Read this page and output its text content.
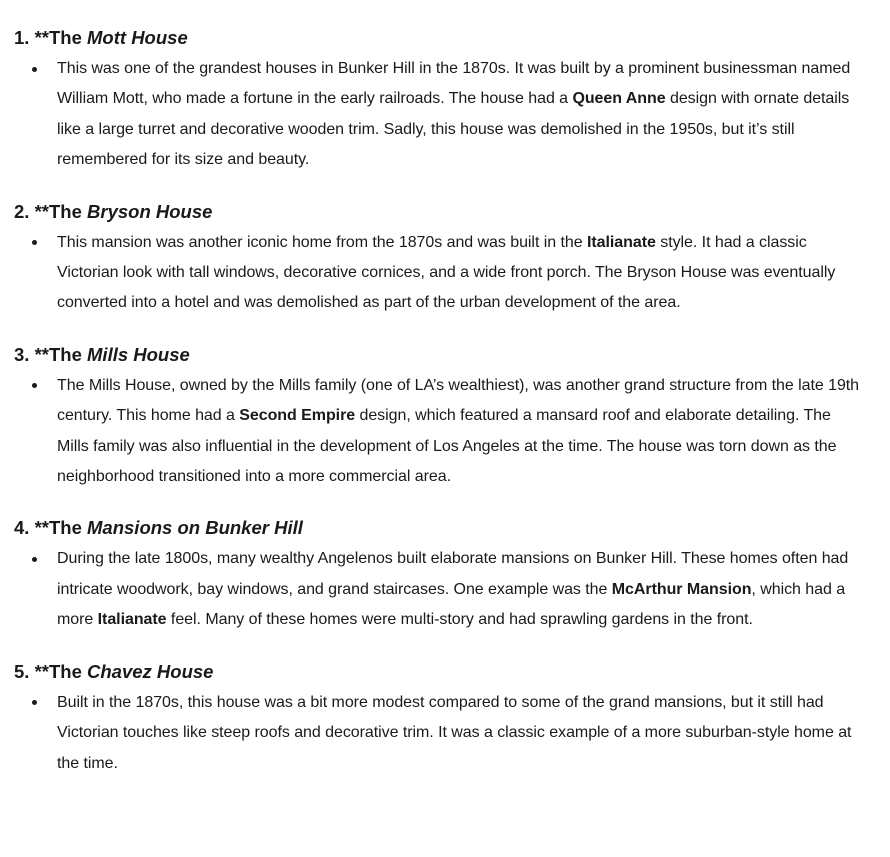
1. **The Mott House
This was one of the grandest houses in Bunker Hill in the 1870s. It was built by a prominent businessman named William Mott, who made a fortune in the early railroads. The house had a Queen Anne design with ornate details like a large turret and decorative wooden trim. Sadly, this house was demolished in the 1950s, but it’s still remembered for its size and beauty.
2. **The Bryson House
This mansion was another iconic home from the 1870s and was built in the Italianate style. It had a classic Victorian look with tall windows, decorative cornices, and a wide front porch. The Bryson House was eventually converted into a hotel and was demolished as part of the urban development of the area.
3. **The Mills House
The Mills House, owned by the Mills family (one of LA’s wealthiest), was another grand structure from the late 19th century. This home had a Second Empire design, which featured a mansard roof and elaborate detailing. The Mills family was also influential in the development of Los Angeles at the time. The house was torn down as the neighborhood transitioned into a more commercial area.
4. **The Mansions on Bunker Hill
During the late 1800s, many wealthy Angelenos built elaborate mansions on Bunker Hill. These homes often had intricate woodwork, bay windows, and grand staircases. One example was the McArthur Mansion, which had a more Italianate feel. Many of these homes were multi-story and had sprawling gardens in the front.
5. **The Chavez House
Built in the 1870s, this house was a bit more modest compared to some of the grand mansions, but it still had Victorian touches like steep roofs and decorative trim. It was a classic example of a more suburban-style home at the time.
